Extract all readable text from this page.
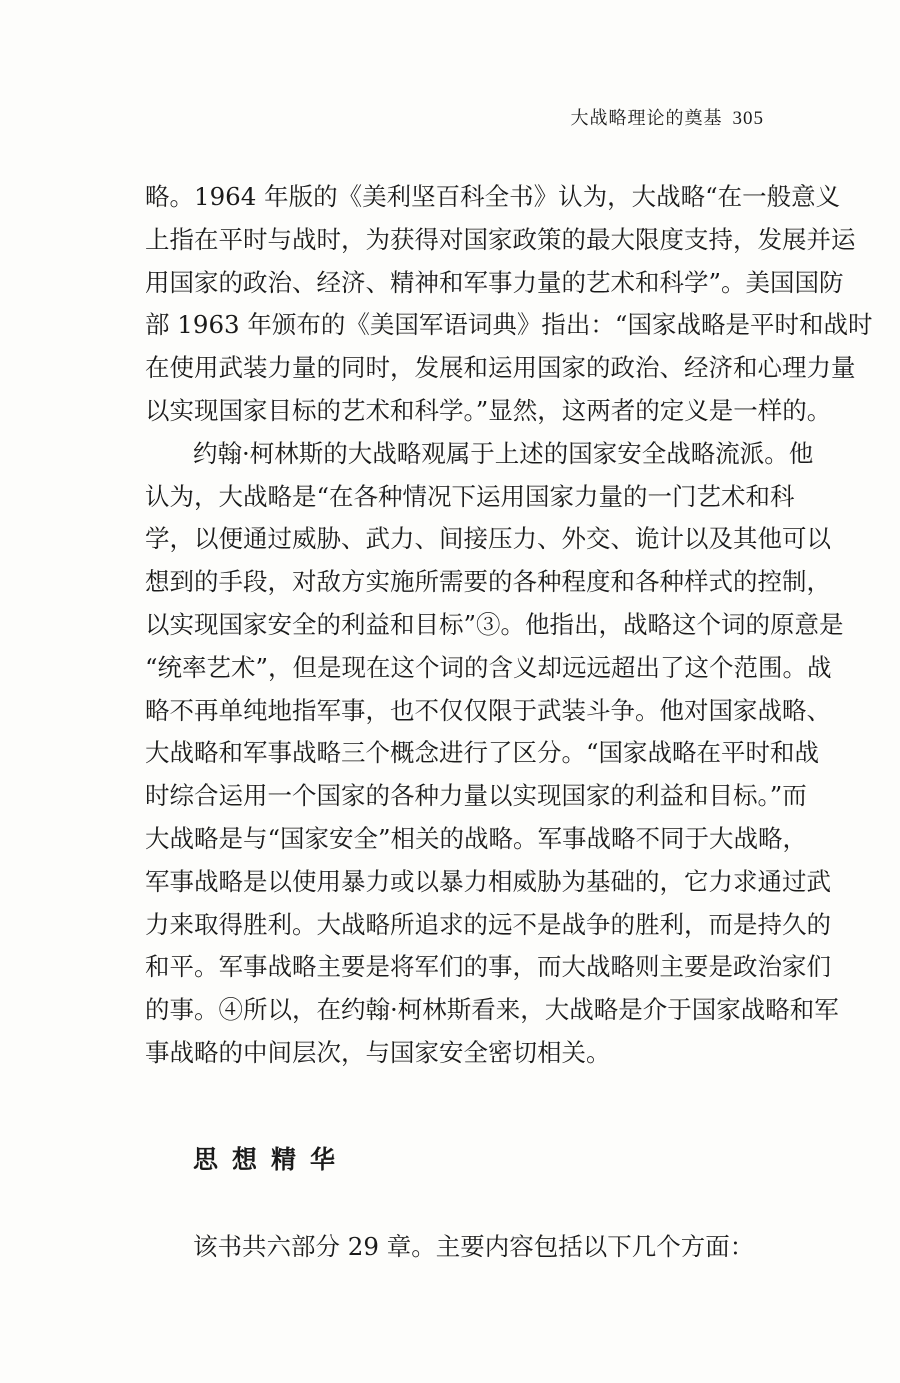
大战略理论的奠基 305
略。1964 年版的《美利坚百科全书》认为，大战略“在一般意义
上指在平时与战时，为获得对国家政策的最大限度支持，发展并运
用国家的政治、经济、精神和军事力量的艺术和科学”。美国国防
部 1963 年颁布的《美国军语词典》指出：“国家战略是平时和战时
在使用武装力量的同时，发展和运用国家的政治、经济和心理力量
以实现国家目标的艺术和科学。”显然，这两者的定义是一样的。
约翰·柯林斯的大战略观属于上述的国家安全战略流派。他
认为，大战略是“在各种情况下运用国家力量的一门艺术和科
学，以便通过威胁、武力、间接压力、外交、诡计以及其他可以
想到的手段，对敌方实施所需要的各种程度和各种样式的控制，
以实现国家安全的利益和目标”③。他指出，战略这个词的原意是
“统率艺术”，但是现在这个词的含义却远远超出了这个范围。战
略不再单纯地指军事，也不仅仅限于武装斗争。他对国家战略、
大战略和军事战略三个概念进行了区分。“国家战略在平时和战
时综合运用一个国家的各种力量以实现国家的利益和目标。”而
大战略是与“国家安全”相关的战略。军事战略不同于大战略，
军事战略是以使用暴力或以暴力相威胁为基础的，它力求通过武
力来取得胜利。大战略所追求的远不是战争的胜利，而是持久的
和平。军事战略主要是将军们的事，而大战略则主要是政治家们
的事。④所以，在约翰·柯林斯看来，大战略是介于国家战略和军
事战略的中间层次，与国家安全密切相关。
思想精华
该书共六部分 29 章。主要内容包括以下几个方面：
